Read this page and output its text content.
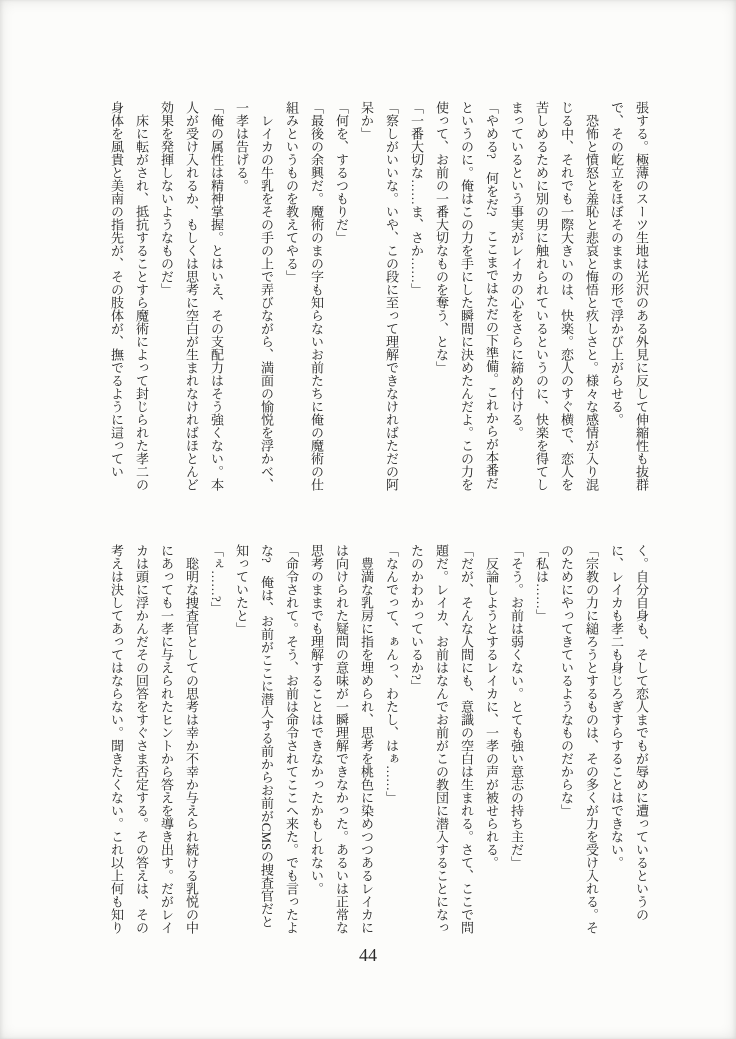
張する。極薄のスーツ生地は光沢のある外見に反して伸縮性も抜群で、その屹立をほぼそのままの形で浮かび上がらせる。

　恐怖と憤怒と羞恥と悲哀と悔悟と疚しさと。様々な感情が入り混じる中、それでも一際大きいのは、快楽。恋人のすぐ横で、恋人を苦しめるために別の男に触れられているというのに、快楽を得てしまっているという事実がレイカの心をさらに締め付ける。

「やめる?　何をだ?　ここまではただの下準備。これからが本番だというのに。俺はこの力を手にした瞬間に決めたんだよ。この力を使って、お前の一番大切なものを奪う、とな」

「一番大切な……ま、さか……」

「察しがいいな。いや、この段に至って理解できなければただの阿呆か」

「何を、するつもりだ」

「最後の余興だ。魔術のまの字も知らないお前たちに俺の魔術の仕組みというものを教えてやる」

　レイカの牛乳をその手の上で弄びながら、満面の愉悦を浮かべ、一孝は告げる。

「俺の属性は精神掌握。とはいえ、その支配力はそう強くない。本人が受け入れるか、もしくは思考に空白が生まれなければほとんど効果を発揮しないようなものだ」

　床に転がされ、抵抗することすら魔術によって封じられた孝二の身体を風貴と美南の指先が、その肢体が、撫でるように這ってい

く。自分自身も、そして恋人までもが辱めに遭っているというのに、レイカも孝二も身じろぎすらすることはできない。

「宗教の力に縋ろうとするものは、その多くが力を受け入れる。そのためにやってきているようなものだからな」

「私は……」

「そう。お前は弱くない。とても強い意志の持ち主だ」

　反論しようとするレイカに、一孝の声が被せられる。

「だが、そんな人間にも、意識の空白は生まれる。さて、ここで問題だ。レイカ、お前はなんでお前がこの教団に潜入することになったのかわかっているか?」

「なんでって、ぁんっ、わたし、はぁ……」

　豊満な乳房に指を埋められ、思考を桃色に染めつつあるレイカには向けられた疑問の意味が一瞬理解できなかった。あるいは正常な思考のままでも理解することはできなかったかもしれない。

「命令されて。そう、お前は命令されてここへ来た。でも言ったよな?　俺は、お前がここに潜入する前からお前がCMSの捜査官だと知っていたと」

「ぇ……?」

　聡明な捜査官としての思考は幸か不幸か与えられ続ける乳悦の中にあっても一孝に与えられたヒントから答えを導き出す。だがレイカは頭に浮かんだその回答をすぐさま否定する。その答えは、その考えは決してあってはならない。聞きたくない。これ以上何も知り

44
